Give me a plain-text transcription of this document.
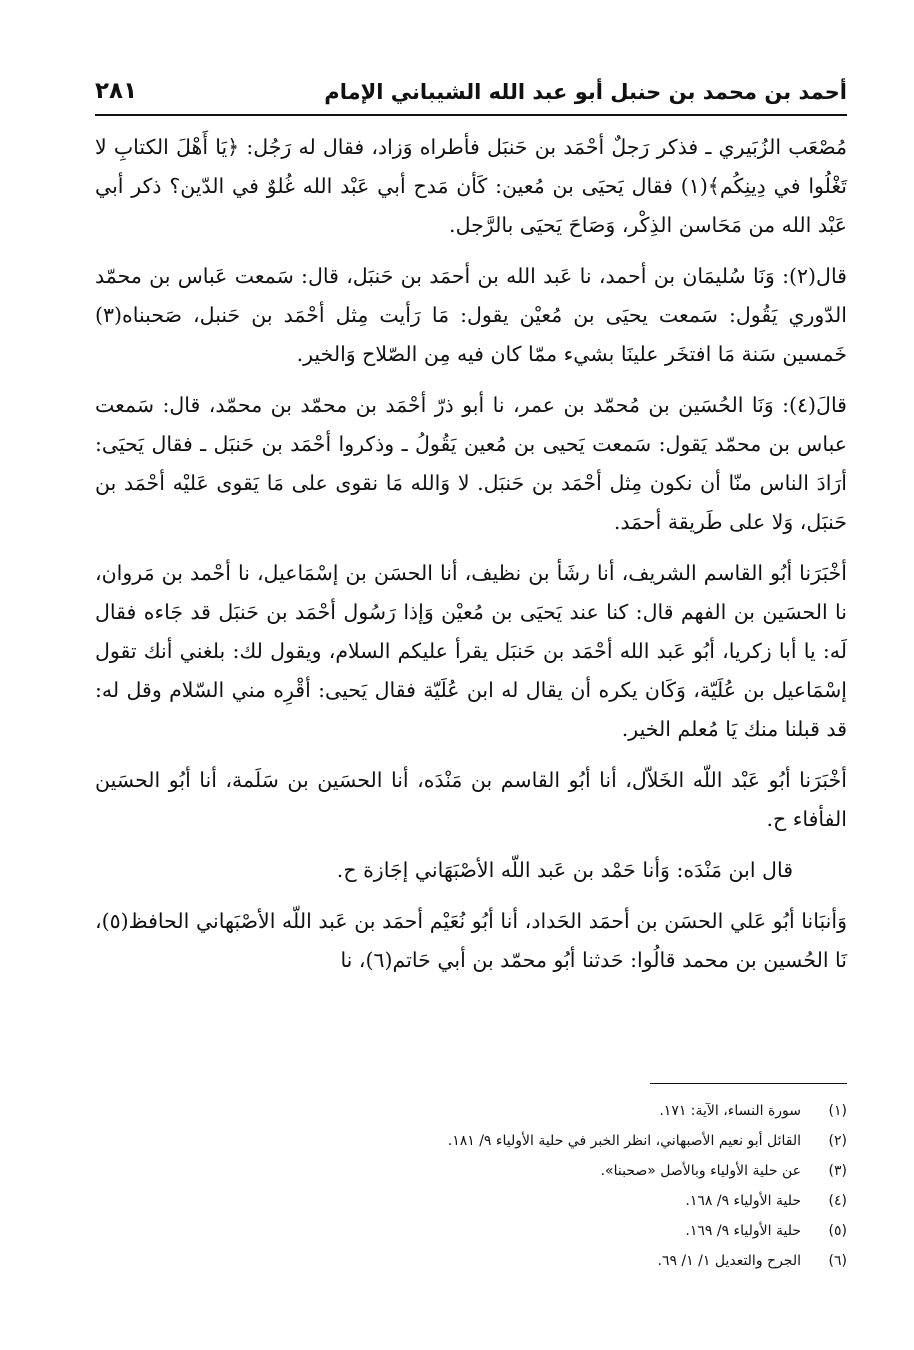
أحمد بن محمد بن حنبل أبو عبد الله الشيباني الإمام
٢٨١

مُصْعَب الزُبَيري ـ فذكر رَجلٌ أحْمَد بن حَنبَل فأطراه وَزاد، فقال له رَجُل: ﴿يَا أَهْلَ الكتابِ لا تَغْلُوا في دِينِكُم﴾(١) فقال يَحيَى بن مُعين: كَأن مَدح أبي عَبْد الله غُلوٌ في الدّين؟ ذكر أبي عَبْد الله من مَحَاسن الذِكْر، وَصَاحَ يَحيَى بالرَّجل.

قال(٢): وَنَا سُليمَان بن أحمد، نا عَبد الله بن أحمَد بن حَنبَل، قال: سَمعت عَباس بن محمّد الدّوري يَقُول: سَمعت يحيَى بن مُعيْن يقول: مَا رَأيت مِثل أحْمَد بن حَنبل، صَحبناه(٣) خَمسين سَنة مَا افتخَر علينَا بشيء ممّا كان فيه مِن الصّلاح وَالخير.

قالَ(٤): وَنَا الحُسَين بن مُحمّد بن عمر، نا أبو ذرّ أحْمَد بن محمّد بن محمّد، قال: سَمعت عباس بن محمّد يَقول: سَمعت يَحيى بن مُعين يَقُولُ ـ وذكروا أحْمَد بن حَنبَل ـ فقال يَحيَى: أرَادَ الناس منّا أن نكون مِثل أحْمَد بن حَنبَل. لا وَالله مَا نقوى على مَا يَقوى عَليْه أحْمَد بن حَنبَل، وَلا على طَريقة أحمَد.

أخْبَرَنا أبُو القاسم الشريف، أنا رشَأ بن نظيف، أنا الحسَن بن إسْمَاعيل، نا أحْمد بن مَروان، نا الحسَين بن الفهم قال: كنا عند يَحيَى بن مُعيْن وَإذا رَسُول أحْمَد بن حَنبَل قد جَاءه فقال لَه: يا أبا زكريا، أبُو عَبد الله أحْمَد بن حَنبَل يقرأ عليكم السلام، ويقول لك: بلغني أنك تقول إسْمَاعيل بن عُلَيّة، وَكَان يكره أن يقال له ابن عُلَيّة فقال يَحيى: أقْرِه مني السّلام وقل له: قد قبلنا منك يَا مُعلم الخير.

أخْبَرَنا أبُو عَبْد اللّه الخَلاّل، أنا أبُو القاسم بن مَنْدَه، أنا الحسَين بن سَلَمة، أنا أبُو الحسَين الفأفاء ح.

قال ابن مَنْدَه: وَأنا حَمْد بن عَبد اللّه الأصْبَهَاني إجَازة ح.

وَأنبَانا أبُو عَلي الحسَن بن أحمَد الحَداد، أنا أبُو نُعَيْم أحمَد بن عَبد اللّه الأصْبَهاني الحافظ(٥)، نَا الحُسين بن محمد قالُوا: حَدثنا أبُو محمّد بن أبي حَاتم(٦)، نا

(١)
سورة النساء، الآية: ١٧١.
(٢)
القائل أبو نعيم الأصبهاني، انظر الخبر في حلية الأولياء ٩/ ١٨١.
(٣)
عن حلية الأولياء وبالأصل «صحبنا».
(٤)
حلية الأولياء ٩/ ١٦٨.
(٥)
حلية الأولياء ٩/ ١٦٩.
(٦)
الجرح والتعديل ١/ ١/ ٦٩.
